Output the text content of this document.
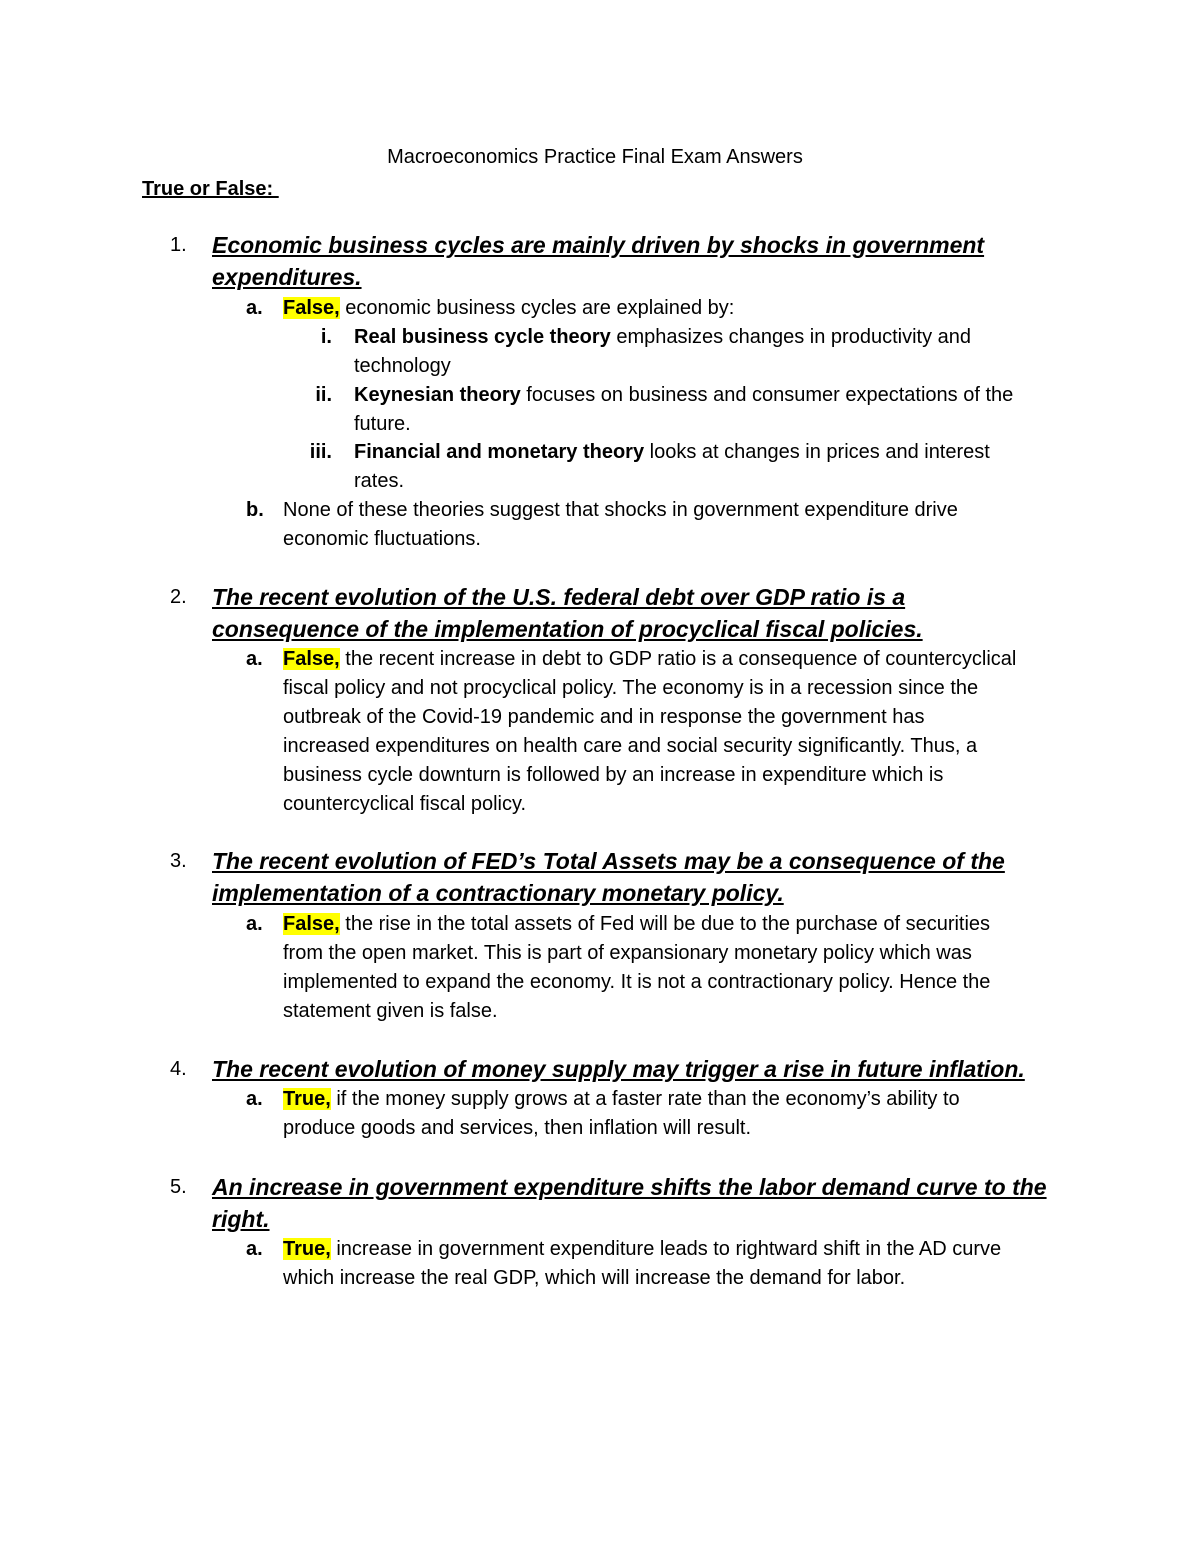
Macroeconomics Practice Final Exam Answers
True or False:
1. Economic business cycles are mainly driven by shocks in government
expenditures.
a. False, economic business cycles are explained by:
i. Real business cycle theory emphasizes changes in productivity and
technology
ii. Keynesian theory focuses on business and consumer expectations of the
future.
iii. Financial and monetary theory looks at changes in prices and interest
rates.
b. None of these theories suggest that shocks in government expenditure drive
economic fluctuations.
2. The recent evolution of the U.S. federal debt over GDP ratio is a
consequence of the implementation of procyclical fiscal policies.
a. False, the recent increase in debt to GDP ratio is a consequence of countercyclical
fiscal policy and not procyclical policy. The economy is in a recession since the
outbreak of the Covid-19 pandemic and in response the government has
increased expenditures on health care and social security significantly. Thus, a
business cycle downturn is followed by an increase in expenditure which is
countercyclical fiscal policy.
3. The recent evolution of FED’s Total Assets may be a consequence of the
implementation of a contractionary monetary policy.
a. False, the rise in the total assets of Fed will be due to the purchase of securities
from the open market. This is part of expansionary monetary policy which was
implemented to expand the economy. It is not a contractionary policy. Hence the
statement given is false.
4. The recent evolution of money supply may trigger a rise in future inflation.
a. True, if the money supply grows at a faster rate than the economy’s ability to
produce goods and services, then inflation will result.
5. An increase in government expenditure shifts the labor demand curve to the
right.
a. True, increase in government expenditure leads to rightward shift in the AD curve
which increase the real GDP, which will increase the demand for labor.
